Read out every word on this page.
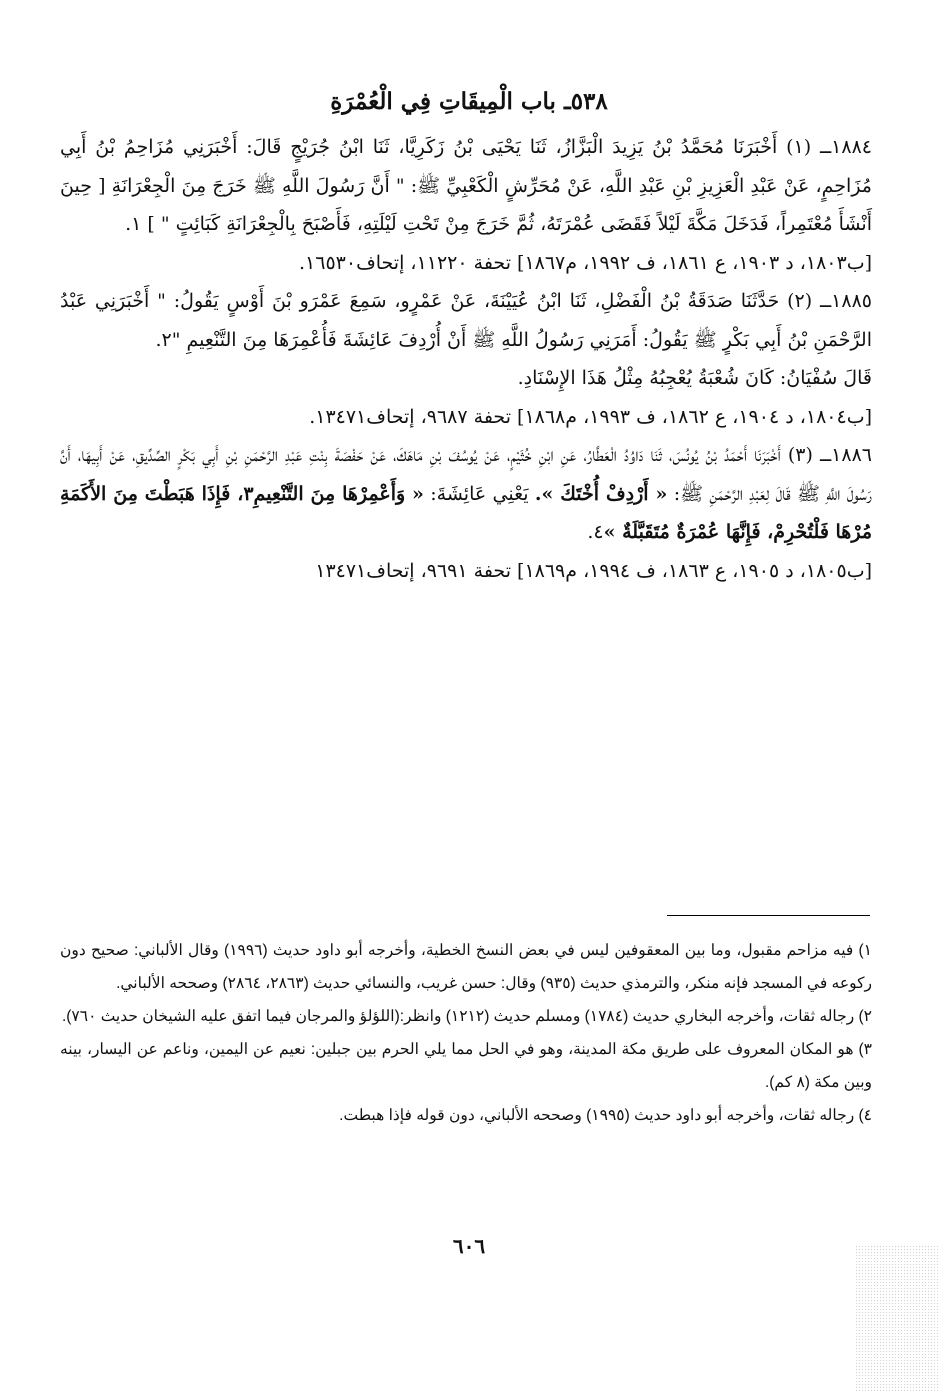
٥٣٨ـ باب الْمِيقَاتِ فِي الْعُمْرَةِ

١٨٨٤ــ (١) أَخْبَرَنَا مُحَمَّدُ بْنُ يَزِيدَ الْبَزَّازُ، ثَنَا يَحْيَى بْنُ زَكَرِيَّا، ثَنَا ابْنُ جُرَيْجٍ قَالَ: أَخْبَرَنِي مُزَاحِمُ بْنُ أَبِي مُزَاحِمٍ، عَنْ عَبْدِ الْعَزِيزِ بْنِ عَبْدِ اللَّهِ، عَنْ مُحَرِّشٍ الْكَعْبِيِّ ﷺ: " أَنَّ رَسُولَ اللَّهِ ﷺ خَرَجَ مِنَ الْجِعْرَانَةِ [ حِينَ أَنْشَأَ مُعْتَمِراً، فَدَخَلَ مَكَّةَ لَيْلاً فَقَضَى عُمْرَتَهُ، ثُمَّ خَرَجَ مِنْ تَحْتِ لَيْلَتِهِ، فَأَصْبَحَ بِالْجِعْرَانَةِ كَبَائِتٍ " ] ١.

[ب١٨٠٣، د ١٩٠٣، ع ١٨٦١، ف ١٩٩٢، م١٨٦٧] تحفة ١١٢٢٠، إتحاف١٦٥٣٠.

١٨٨٥ــ (٢) حَدَّثَنَا صَدَقَةُ بْنُ الْفَضْلِ، ثَنَا ابْنُ عُيَيْنَةَ، عَنْ عَمْرٍو، سَمِعَ عَمْرَو بْنَ أَوْسٍ يَقُولُ: " أَخْبَرَنِي عَبْدُ الرَّحْمَنِ بْنُ أَبِي بَكْرٍ ﷺ يَقُولُ: أَمَرَنِي رَسُولُ اللَّهِ ﷺ أَنْ أُرْدِفَ عَائِشَةَ فَأُعْمِرَهَا مِنَ التَّنْعِيمِ "٢.

قَالَ سُفْيَانُ: كَانَ شُعْبَةُ يُعْجِبُهُ مِثْلُ هَذَا الإِسْنَادِ.

[ب١٨٠٤، د ١٩٠٤، ع ١٨٦٢، ف ١٩٩٣، م١٨٦٨] تحفة ٩٦٨٧، إتحاف١٣٤٧١.

١٨٨٦ــ (٣) أَخْبَرَنَا أَحْمَدُ بْنُ يُونُسَ، ثَنَا دَاوُدُ الْعَطَّارُ، عَنِ ابْنِ خُثَيْمٍ، عَنْ يُوسُفَ بْنِ مَاهَكَ، عَنْ حَفْصَةَ بِنْتِ عَبْدِ الرَّحْمَنِ بْنِ أَبِي بَكْرٍ الصِّدِّيقِ، عَنْ أَبِيهَا، أَنَّ رَسُولَ اللَّهِ ﷺ قَالَ لِعَبْدِ الرَّحْمَنِ ﷺ: « أَرْدِفْ أُخْتَكَ ». يَعْنِي عَائِشَةَ: « وَأَعْمِرْهَا مِنَ التَّنْعِيمِ٣، فَإِذَا هَبَطْتَ مِنَ الأَكَمَةِ مُرْهَا فَلْتُحْرِمْ، فَإِنَّهَا عُمْرَةٌ مُتَقَبَّلَةٌ »٤.

[ب١٨٠٥، د ١٩٠٥، ع ١٨٦٣، ف ١٩٩٤، م١٨٦٩] تحفة ٩٦٩١، إتحاف١٣٤٧١

١) فيه مزاحم مقبول، وما بين المعقوفين ليس في بعض النسخ الخطية، وأخرجه أبو داود حديث (١٩٩٦) وقال الألباني: صحيح دون ركوعه في المسجد فإنه منكر، والترمذي حديث (٩٣٥) وقال: حسن غريب، والنسائي حديث (٢٨٦٣، ٢٨٦٤) وصححه الألباني.

٢) رجاله ثقات، وأخرجه البخاري حديث (١٧٨٤) ومسلم حديث (١٢١٢) وانظر:(اللؤلؤ والمرجان فيما اتفق عليه الشيخان حديث ٧٦٠).

٣) هو المكان المعروف على طريق مكة المدينة، وهو في الحل مما يلي الحرم بين جبلين: نعيم عن اليمين، وناعم عن اليسار، بينه وبين مكة (٨ كم).

٤) رجاله ثقات، وأخرجه أبو داود حديث (١٩٩٥) وصححه الألباني، دون قوله فإذا هبطت.

٦٠٦
